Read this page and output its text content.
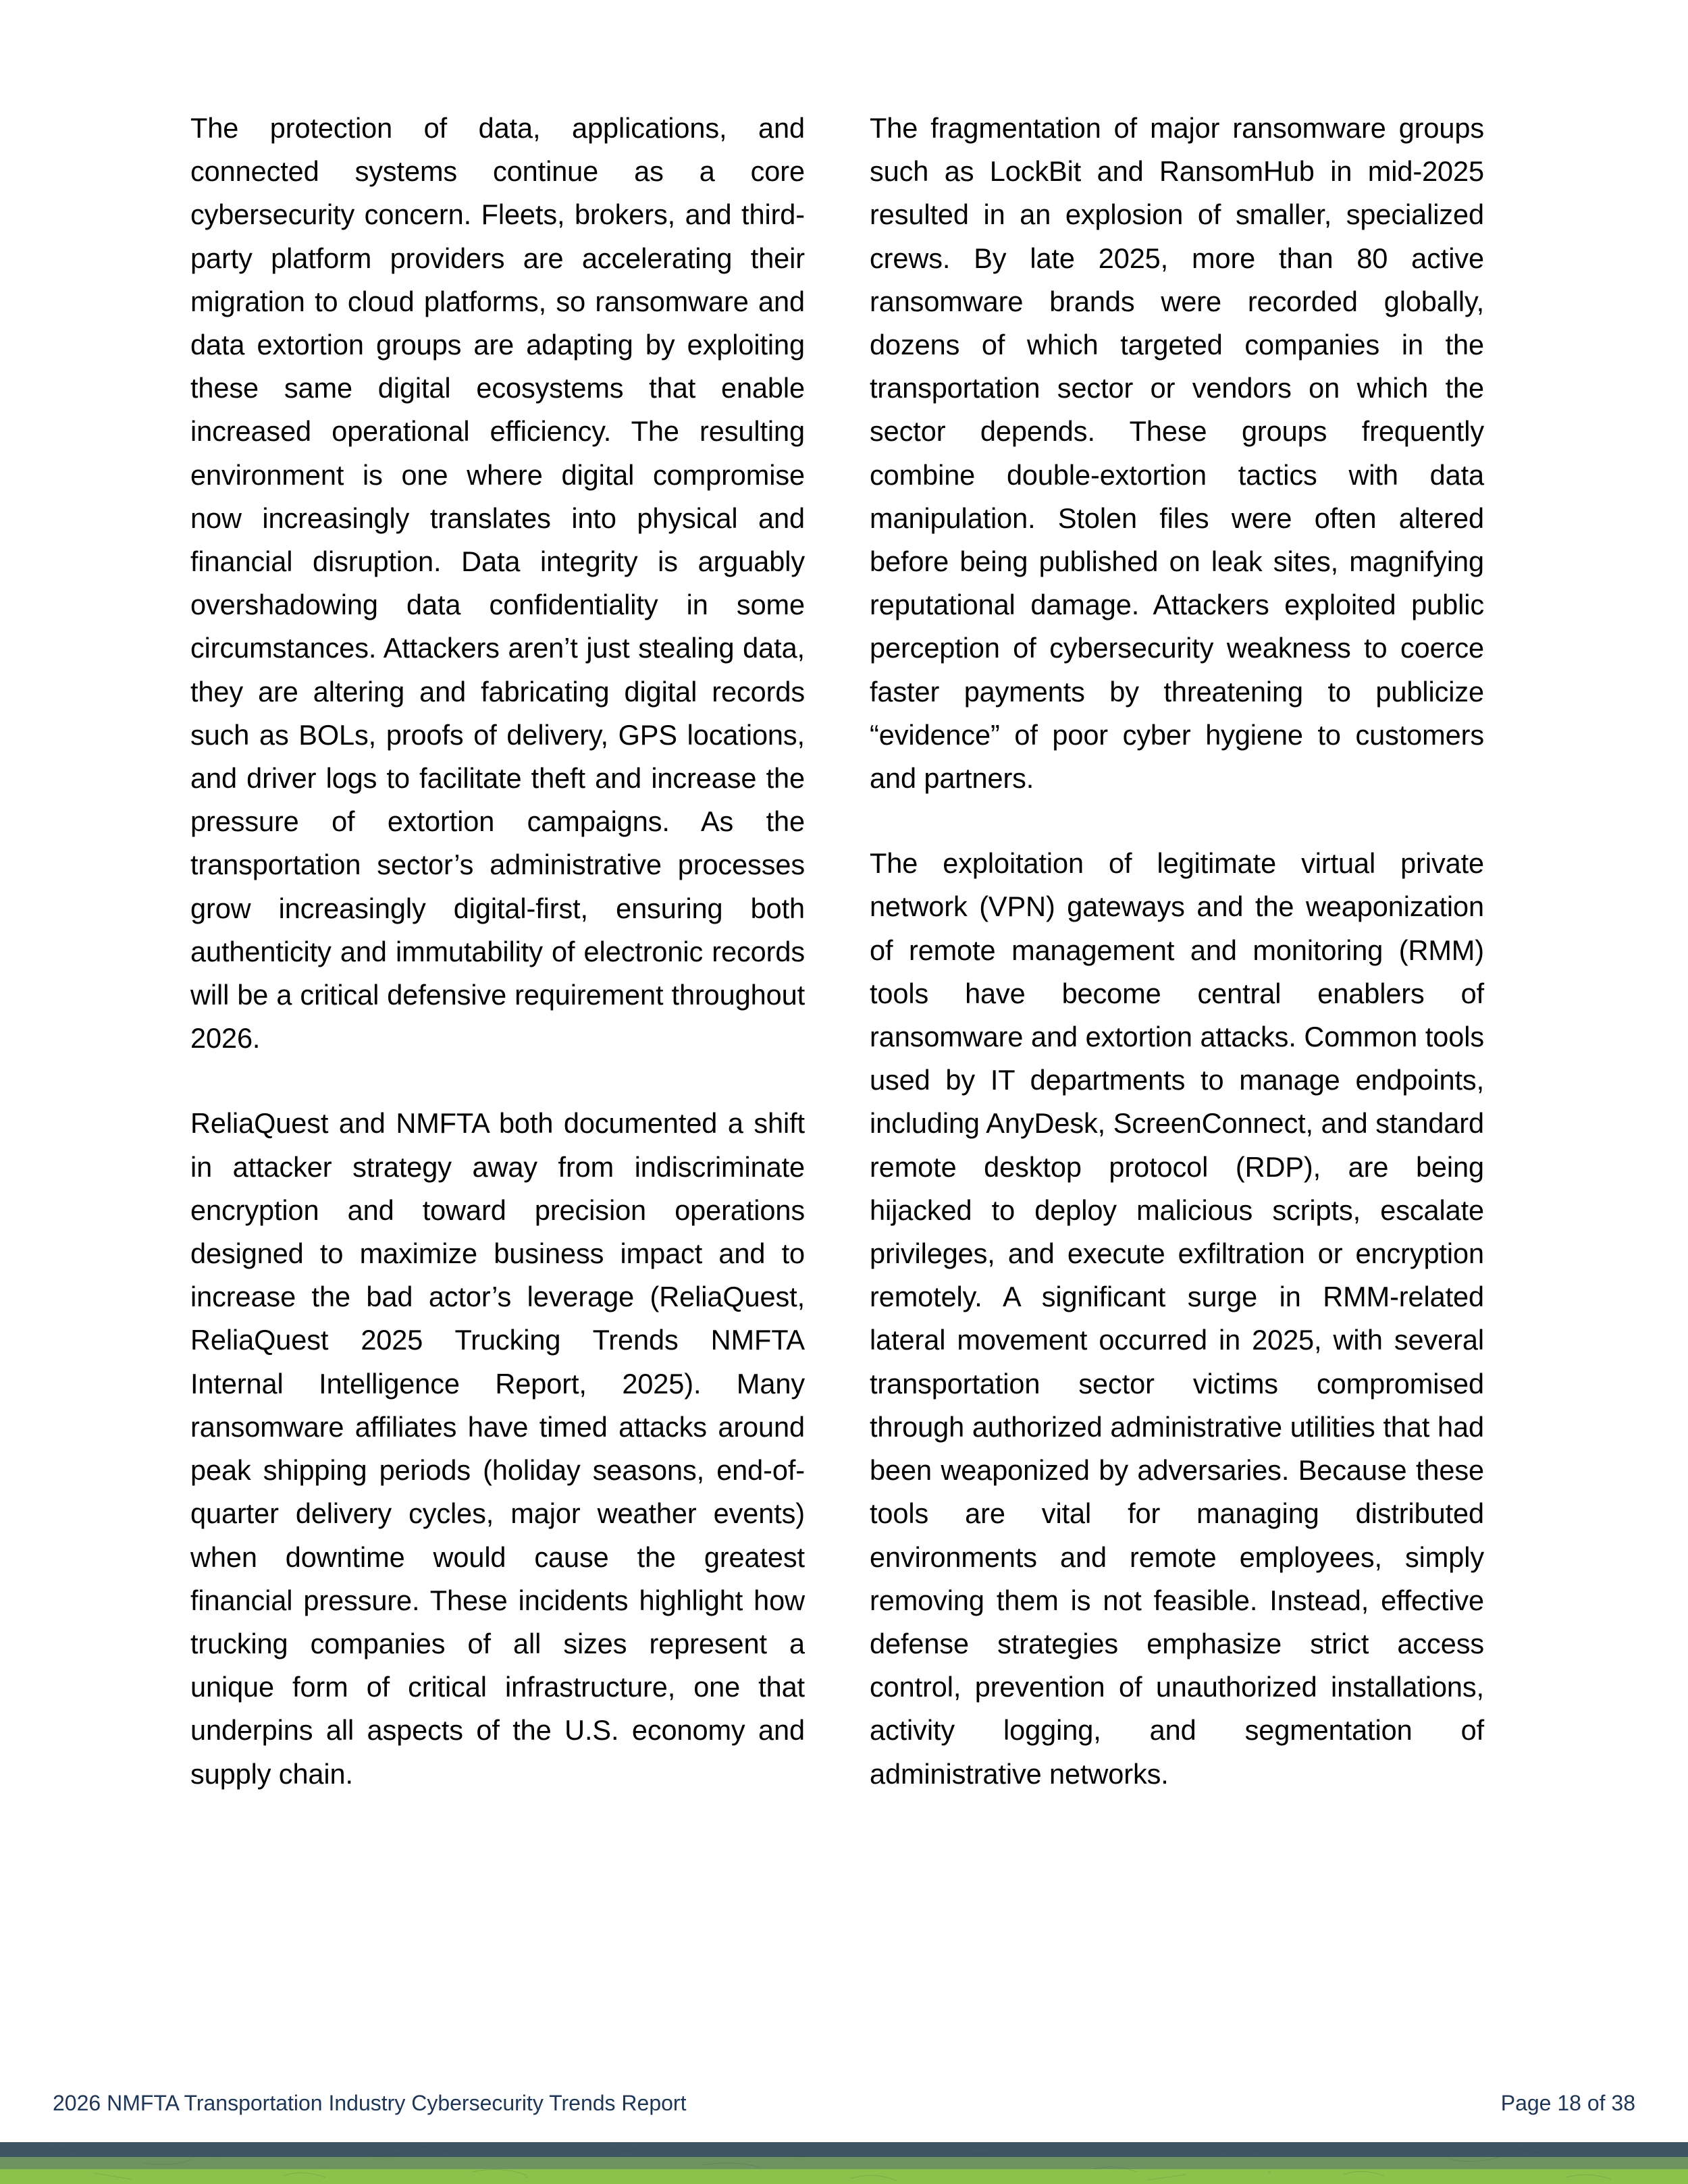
The protection of data, applications, and connected systems continue as a core cybersecurity concern. Fleets, brokers, and third-party platform providers are accelerating their migration to cloud platforms, so ransomware and data extortion groups are adapting by exploiting these same digital ecosystems that enable increased operational efficiency. The resulting environment is one where digital compromise now increasingly translates into physical and financial disruption. Data integrity is arguably overshadowing data confidentiality in some circumstances. Attackers aren’t just stealing data, they are altering and fabricating digital records such as BOLs, proofs of delivery, GPS locations, and driver logs to facilitate theft and increase the pressure of extortion campaigns. As the transportation sector’s administrative processes grow increasingly digital-first, ensuring both authenticity and immutability of electronic records will be a critical defensive requirement throughout 2026.

ReliaQuest and NMFTA both documented a shift in attacker strategy away from indiscriminate encryption and toward precision operations designed to maximize business impact and to increase the bad actor’s leverage (ReliaQuest, ReliaQuest 2025 Trucking Trends NMFTA Internal Intelligence Report, 2025). Many ransomware affiliates have timed attacks around peak shipping periods (holiday seasons, end-of-quarter delivery cycles, major weather events) when downtime would cause the greatest financial pressure. These incidents highlight how trucking companies of all sizes represent a unique form of critical infrastructure, one that underpins all aspects of the U.S. economy and supply chain.

The fragmentation of major ransomware groups such as LockBit and RansomHub in mid-2025 resulted in an explosion of smaller, specialized crews. By late 2025, more than 80 active ransomware brands were recorded globally, dozens of which targeted companies in the transportation sector or vendors on which the sector depends. These groups frequently combine double-extortion tactics with data manipulation. Stolen files were often altered before being published on leak sites, magnifying reputational damage. Attackers exploited public perception of cybersecurity weakness to coerce faster payments by threatening to publicize “evidence” of poor cyber hygiene to customers and partners.

The exploitation of legitimate virtual private network (VPN) gateways and the weaponization of remote management and monitoring (RMM) tools have become central enablers of ransomware and extortion attacks. Common tools used by IT departments to manage endpoints, including AnyDesk, ScreenConnect, and standard remote desktop protocol (RDP), are being hijacked to deploy malicious scripts, escalate privileges, and execute exfiltration or encryption remotely. A significant surge in RMM-related lateral movement occurred in 2025, with several transportation sector victims compromised through authorized administrative utilities that had been weaponized by adversaries. Because these tools are vital for managing distributed environments and remote employees, simply removing them is not feasible. Instead, effective defense strategies emphasize strict access control, prevention of unauthorized installations, activity logging, and segmentation of administrative networks.

2026 NMFTA Transportation Industry Cybersecurity Trends Report	Page 18 of 38
